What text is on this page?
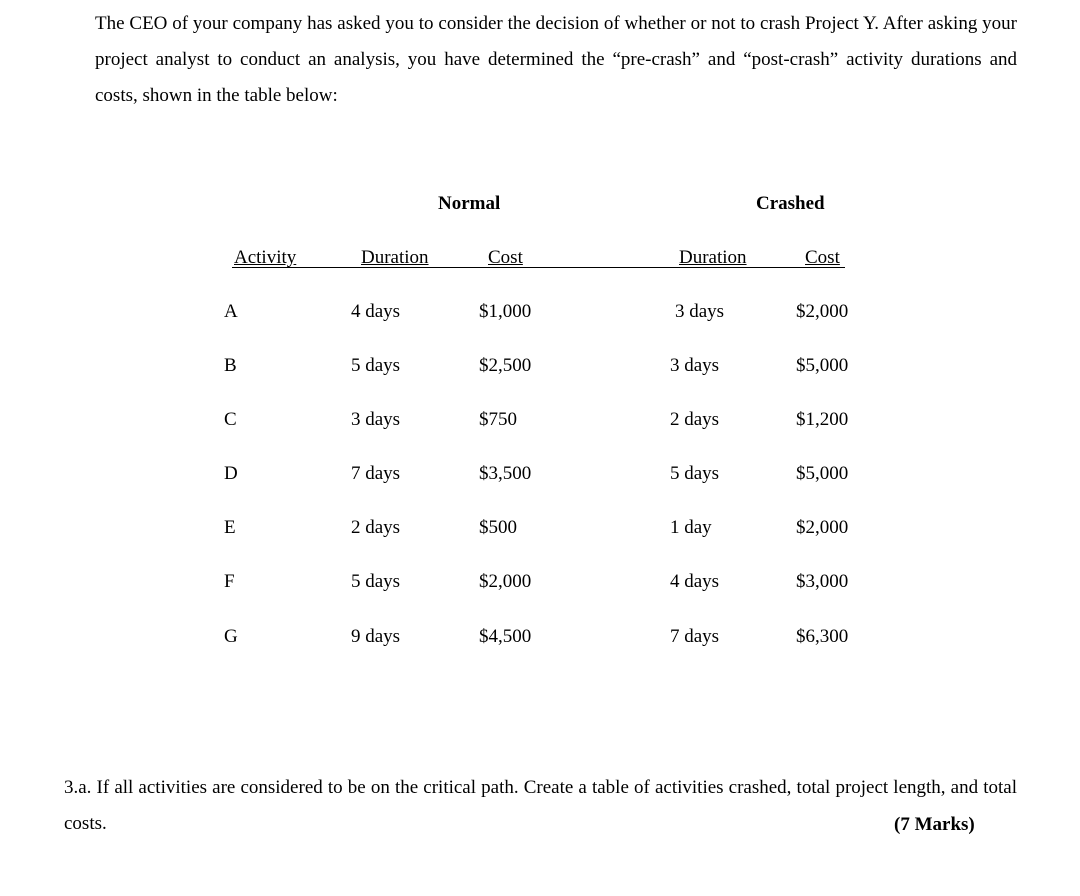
The CEO of your company has asked you to consider the decision of whether or not to crash Project Y. After asking your project analyst to conduct an analysis, you have determined the “pre-crash” and “post-crash” activity durations and costs, shown in the table below:

Normal	Crashed
Activity	Duration	Cost	Duration	Cost
A	4 days	$1,000	3 days	$2,000
B	5 days	$2,500	3 days	$5,000
C	3 days	$750	2 days	$1,200
D	7 days	$3,500	5 days	$5,000
E	2 days	$500	1 day	$2,000
F	5 days	$2,000	4 days	$3,000
G	9 days	$4,500	7 days	$6,300

3.a. If all activities are considered to be on the critical path. Create a table of activities crashed, total project length, and total costs.	(7 Marks)
